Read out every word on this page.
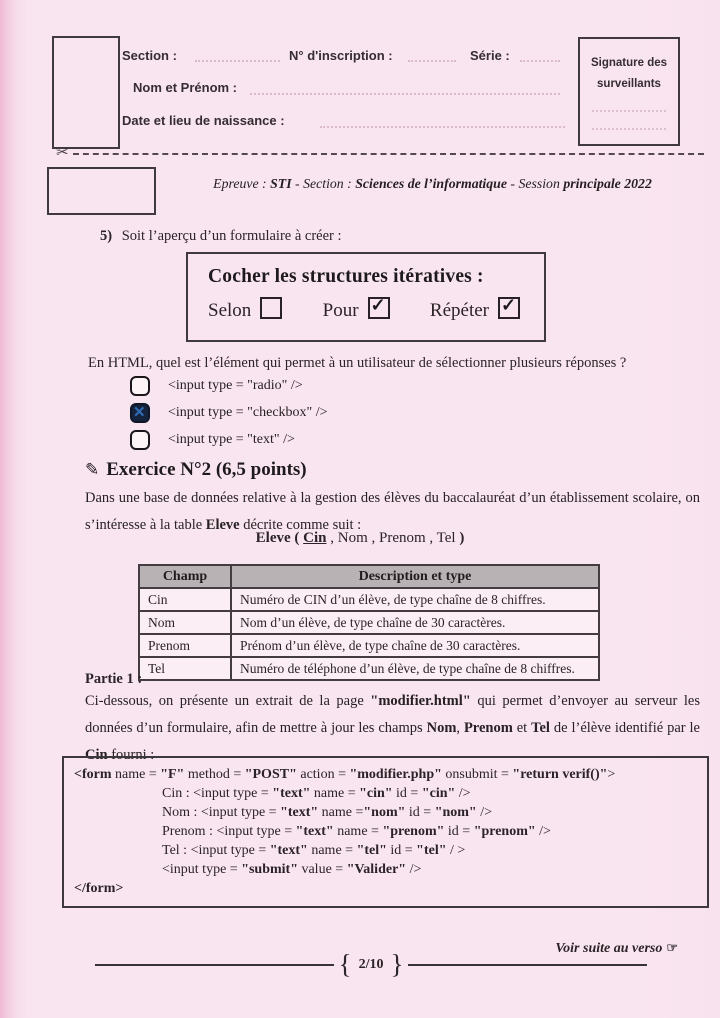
Section :	N° d'inscription :	Série :
Nom et Prénom :
Date et lieu de naissance :
Signature des
surveillants
✂
Epreuve : STI - Section : Sciences de l’informatique - Session principale 2022
5) Soit l’aperçu d’un formulaire à créer :
Cocher les structures itératives :
Selon	Pour ✓	Répéter✓
En HTML, quel est l’élément qui permet à un utilisateur de sélectionner plusieurs réponses ?
<input type = "radio" />
✕
<input type = "checkbox" />
<input type = "text" />
✎ Exercice N°2 (6,5 points)
Dans une base de données relative à la gestion des élèves du baccalauréat d’un établissement scolaire, on s’intéresse à la table Eleve décrite comme suit :
Eleve ( Cin , Nom , Prenom , Tel )
Champ	Description et type
Cin	Numéro de CIN d’un élève, de type chaîne de 8 chiffres.
Nom	Nom d’un élève, de type chaîne de 30 caractères.
Prenom	Prénom d’un élève, de type chaîne de 30 caractères.
Tel	Numéro de téléphone d’un élève, de type chaîne de 8 chiffres.
Partie 1 :
Ci-dessous, on présente un extrait de la page "modifier.html" qui permet d’envoyer au serveur les données d’un formulaire, afin de mettre à jour les champs Nom, Prenom et Tel de l’élève identifié par le Cin fourni :
<form name = "F" method = "POST" action = "modifier.php" onsubmit = "return verif()">
Cin : <input type = "text" name = "cin" id = "cin" />
Nom : <input type = "text" name ="nom" id = "nom" />
Prenom : <input type = "text" name = "prenom" id = "prenom" />
Tel : <input type = "text" name = "tel" id = "tel" / >
<input type = "submit" value = "Valider" />
</form>
Voir suite au verso ☞
{ 2/10 }
